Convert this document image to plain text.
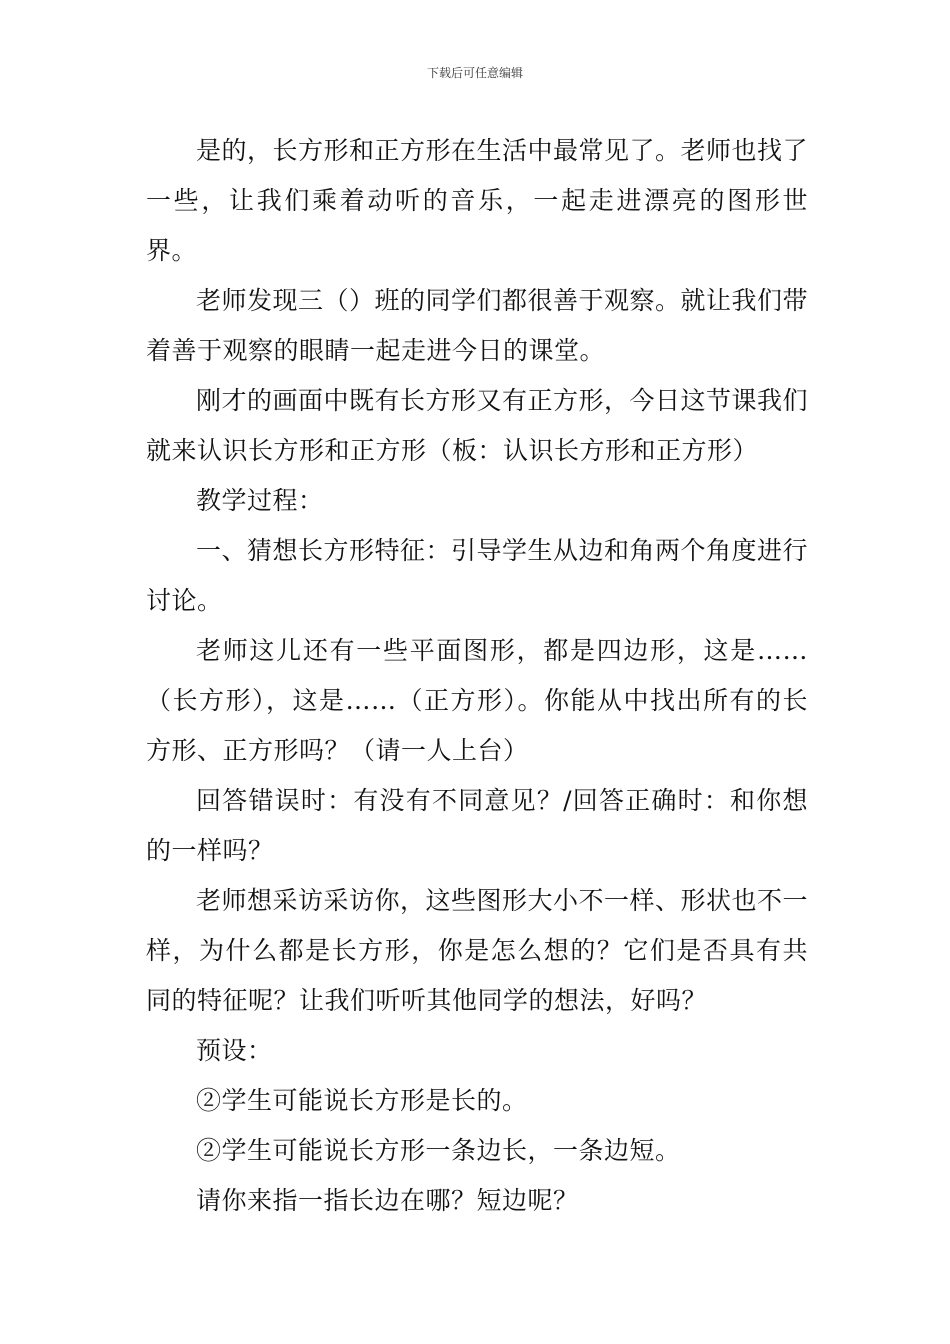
下载后可任意编辑

是的，长方形和正方形在生活中最常见了。老师也找了一些，让我们乘着动听的音乐，一起走进漂亮的图形世界。

老师发现三（）班的同学们都很善于观察。就让我们带着善于观察的眼睛一起走进今日的课堂。

刚才的画面中既有长方形又有正方形，今日这节课我们就来认识长方形和正方形（板：认识长方形和正方形）

教学过程：

一、猜想长方形特征：引导学生从边和角两个角度进行讨论。

老师这儿还有一些平面图形，都是四边形，这是……（长方形），这是……（正方形）。你能从中找出所有的长方形、正方形吗？（请一人上台）

回答错误时：有没有不同意见？/回答正确时：和你想的一样吗？

老师想采访采访你，这些图形大小不一样、形状也不一样，为什么都是长方形，你是怎么想的？它们是否具有共同的特征呢？让我们听听其他同学的想法，好吗？

预设：

②学生可能说长方形是长的。

②学生可能说长方形一条边长，一条边短。

请你来指一指长边在哪？短边呢？
